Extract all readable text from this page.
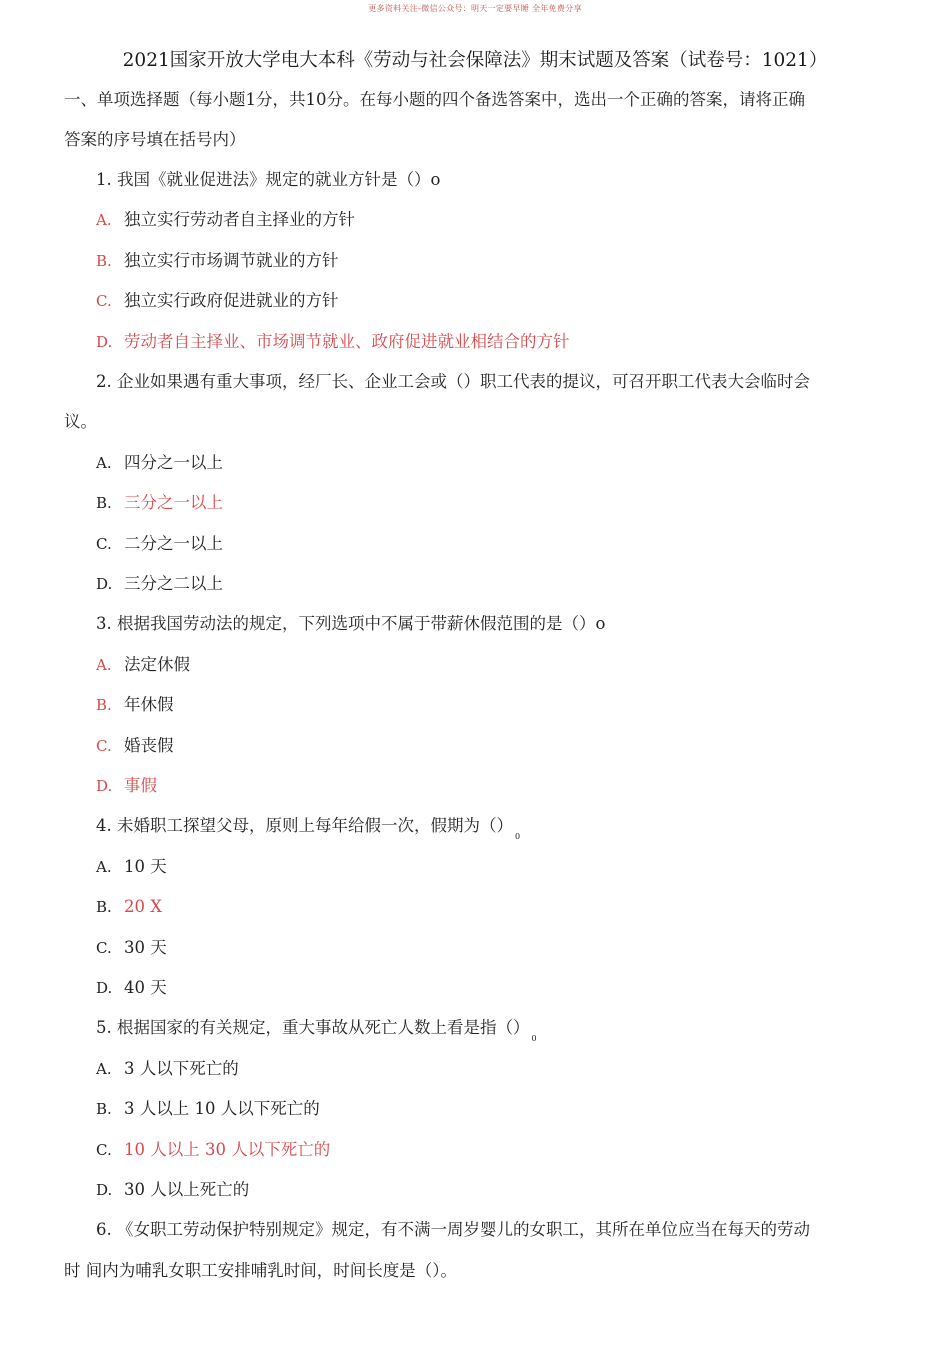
更多资料关注-微信公众号：明天一定要早睡 全年免费分享
2021国家开放大学电大本科《劳动与社会保障法》期末试题及答案（试卷号：1021）
一、单项选择题（每小题1分，共10分。在每小题的四个备选答案中，选出一个正确的答案，请将正确
答案的序号填在括号内）
1. 我国《就业促进法》规定的就业方针是（）o
A. 独立实行劳动者自主择业的方针
B. 独立实行市场调节就业的方针
C. 独立实行政府促进就业的方针
D. 劳动者自主择业、市场调节就业、政府促进就业相结合的方针
2. 企业如果遇有重大事项，经厂长、企业工会或（）职工代表的提议，可召开职工代表大会临时会
议。
A. 四分之一以上
B. 三分之一以上
C. 二分之一以上
D. 三分之二以上
3. 根据我国劳动法的规定，下列选项中不属于带薪休假范围的是（）o
A. 法定休假
B. 年休假
C. 婚丧假
D. 事假
4. 未婚职工探望父母，原则上每年给假一次，假期为$()_0$
A. 10 天
B. 20 X
C. 30 天
D. 40 天
5. 根据国家的有关规定，重大事故从死亡人数上看是指$()_0$
A. 3 人以下死亡的
B. 3 人以上 10 人以下死亡的
C. 10 人以上 30 人以下死亡的
D. 30 人以上死亡的
6. 《女职工劳动保护特别规定》规定，有不满一周岁婴儿的女职工，其所在单位应当在每天的劳动
时 间内为哺乳女职工安排哺乳时间，时间长度是（）。
